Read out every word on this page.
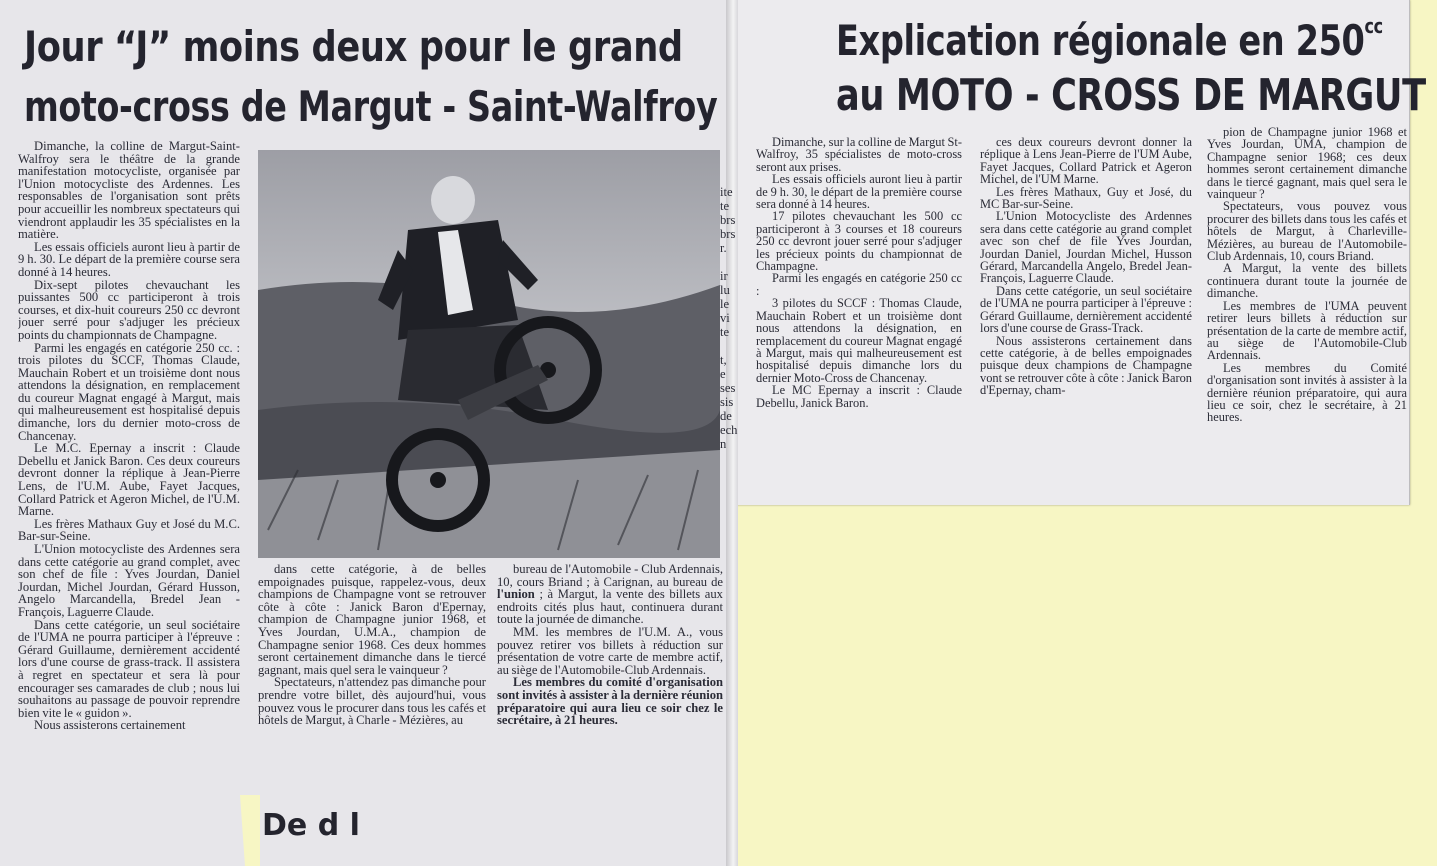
Jour “J” moins deux pour le grand
moto-cross de Margut - Saint-Walfroy

Dimanche, la colline de Margut-Saint-Walfroy sera le théâtre de la grande manifestation motocycliste, organisée par l'Union motocycliste des Ardennes. Les responsables de l'organisation sont prêts pour accueillir les nombreux spectateurs qui viendront applaudir les 35 spécialistes en la matière.

Les essais officiels auront lieu à partir de 9 h. 30. Le départ de la première course sera donné à 14 heures.

Dix-sept pilotes chevauchant les puissantes 500 cc participeront à trois courses, et dix-huit coureurs 250 cc devront jouer serré pour s'adjuger les précieux points du championnats de Champagne.

Parmi les engagés en catégorie 250 cc. : trois pilotes du SCCF, Thomas Claude, Mauchain Robert et un troisième dont nous attendons la désignation, en remplacement du coureur Magnat engagé à Margut, mais qui malheureusement est hospitalisé depuis dimanche, lors du dernier moto-cross de Chancenay.

Le M.C. Epernay a inscrit : Claude Debellu et Janick Baron. Ces deux coureurs devront donner la réplique à Jean-Pierre Lens, de l'U.M. Aube, Fayet Jacques, Collard Patrick et Ageron Michel, de l'U.M. Marne.

Les frères Mathaux Guy et José du M.C. Bar-sur-Seine.

L'Union motocycliste des Ardennes sera dans cette catégorie au grand complet, avec son chef de file : Yves Jourdan, Daniel Jourdan, Michel Jourdan, Gérard Husson, Angelo Marcandella, Bredel Jean - François, Laguerre Claude.

Dans cette catégorie, un seul sociétaire de l'UMA ne pourra participer à l'épreuve : Gérard Guillaume, dernièrement accidenté lors d'une course de grass-track. Il assistera à regret en spectateur et sera là pour encourager ses camarades de club ; nous lui souhaitons au passage de pouvoir reprendre bien vite le « guidon ».

Nous assisterons certainement

ite
te
brs
brs
r.

ir
lu
le
vi
te

t,
e
ses
sis
de
ech
n

dans cette catégorie, à de belles empoignades puisque, rappelez-vous, deux champions de Champagne vont se retrouver côte à côte : Janick Baron d'Epernay, champion de Champagne junior 1968, et Yves Jourdan, U.M.A., champion de Champagne senior 1968. Ces deux hommes seront certainement dimanche dans le tiercé gagnant, mais quel sera le vainqueur ?

Spectateurs, n'attendez pas dimanche pour prendre votre billet, dès aujourd'hui, vous pouvez vous le procurer dans tous les cafés et hôtels de Margut, à Charle - Mézières, au

bureau de l'Automobile - Club Ardennais, 10, cours Briand ; à Carignan, au bureau de l'union ; à Margut, la vente des billets aux endroits cités plus haut, continuera durant toute la journée de dimanche.

MM. les membres de l'U.M. A., vous pouvez retirer vos billets à réduction sur présentation de votre carte de membre actif, au siège de l'Automobile-Club Ardennais.

Les membres du comité d'organisation sont invités à assister à la dernière réunion préparatoire qui aura lieu ce soir chez le secrétaire, à 21 heures.

De d l
Explication régionale en $250^{cc}$
au MOTO - CROSS DE MARGUT

Dimanche, sur la colline de Margut St-Walfroy, 35 spécialistes de moto-cross seront aux prises.

Les essais officiels auront lieu à partir de 9 h. 30, le départ de la première course sera donné à 14 heures.

17 pilotes chevauchant les 500 cc participeront à 3 courses et 18 coureurs 250 cc devront jouer serré pour s'adjuger les précieux points du championnat de Champagne.

Parmi les engagés en catégorie 250 cc :

3 pilotes du SCCF : Thomas Claude, Mauchain Robert et un troisième dont nous attendons la désignation, en remplacement du coureur Magnat engagé à Margut, mais qui malheureusement est hospitalisé depuis dimanche lors du dernier Moto-Cross de Chancenay.

Le MC Epernay a inscrit : Claude Debellu, Janick Baron.

ces deux coureurs devront donner la réplique à Lens Jean-Pierre de l'UM Aube, Fayet Jacques, Collard Patrick et Ageron Michel, de l'UM Marne.

Les frères Mathaux, Guy et José, du MC Bar-sur-Seine.

L'Union Motocycliste des Ardennes sera dans cette catégorie au grand complet avec son chef de file Yves Jourdan, Jourdan Daniel, Jourdan Michel, Husson Gérard, Marcandella Angelo, Bredel Jean-François, Laguerre Claude.

Dans cette catégorie, un seul sociétaire de l'UMA ne pourra participer à l'épreuve : Gérard Guillaume, dernièrement accidenté lors d'une course de Grass-Track.

Nous assisterons certainement dans cette catégorie, à de belles empoignades puisque deux champions de Champagne vont se retrouver côte à côte : Janick Baron d'Epernay, cham-

pion de Champagne junior 1968 et Yves Jourdan, UMA, champion de Champagne senior 1968; ces deux hommes seront certainement dimanche dans le tiercé gagnant, mais quel sera le vainqueur ?

Spectateurs, vous pouvez vous procurer des billets dans tous les cafés et hôtels de Margut, à Charleville-Mézières, au bureau de l'Automobile-Club Ardennais, 10, cours Briand.

A Margut, la vente des billets continuera durant toute la journée de dimanche.

Les membres de l'UMA peuvent retirer leurs billets à réduction sur présentation de la carte de membre actif, au siège de l'Automobile-Club Ardennais.

Les membres du Comité d'organisation sont invités à assister à la dernière réunion préparatoire, qui aura lieu ce soir, chez le secrétaire, à 21 heures.
